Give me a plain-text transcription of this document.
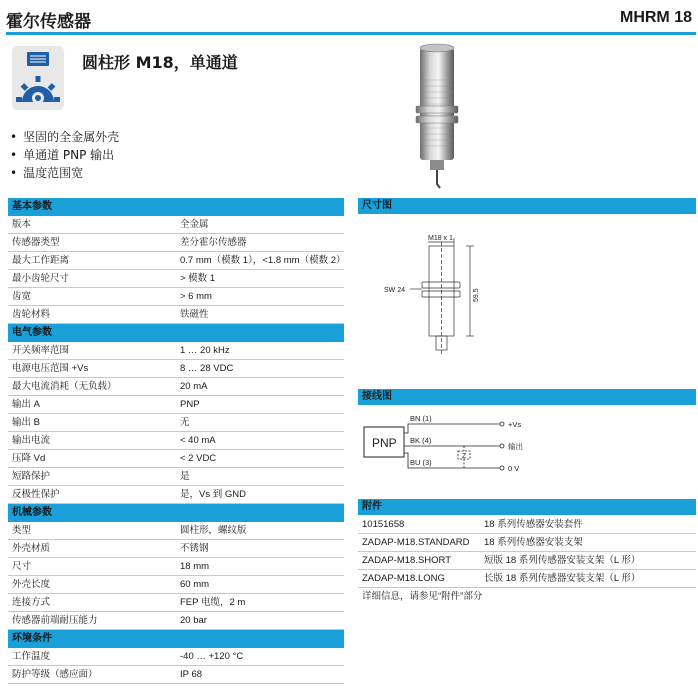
霍尔传感器	MHRM 18
圆柱形 M18，单通道
• 坚固的全金属外壳
• 单通道 PNP 输出
• 温度范围宽
基本参数
版本	全金属
传感器类型	差分霍尔传感器
最大工作距离	0.7 mm（模数 1），<1.8 mm（模数 2）
最小齿轮尺寸	> 模数 1
齿宽	> 6 mm
齿轮材料	铁磁性
电气参数
开关频率范围	1 … 20 kHz
电源电压范围 +Vs	8 … 28 VDC
最大电流消耗（无负载）	20 mA
输出 A	PNP
输出 B	无
输出电流	< 40 mA
压降 Vd	< 2 VDC
短路保护	是
反极性保护	是，Vs 到 GND
机械参数
类型	圆柱形，螺纹版
外壳材质	不锈钢
尺寸	18 mm
外壳长度	60 mm
连接方式	FEP 电缆，2 m
传感器前端耐压能力	20 bar
环境条件
工作温度	-40 … +120 °C
防护等级（感应面）	IP 68
尺寸图
M18 x 1
SW 24	59.5
接线图
PNP
BN (1)
BK (4)
BU (3)
+Vs
输出
0 V
Z
附件
10151658	18 系列传感器安装套件
ZADAP-M18.STANDARD	18 系列传感器安装支架
ZADAP-M18.SHORT	短版 18 系列传感器安装支架（L 形）
ZADAP-M18.LONG	长版 18 系列传感器安装支架（L 形）
详细信息，请参见“附件”部分
